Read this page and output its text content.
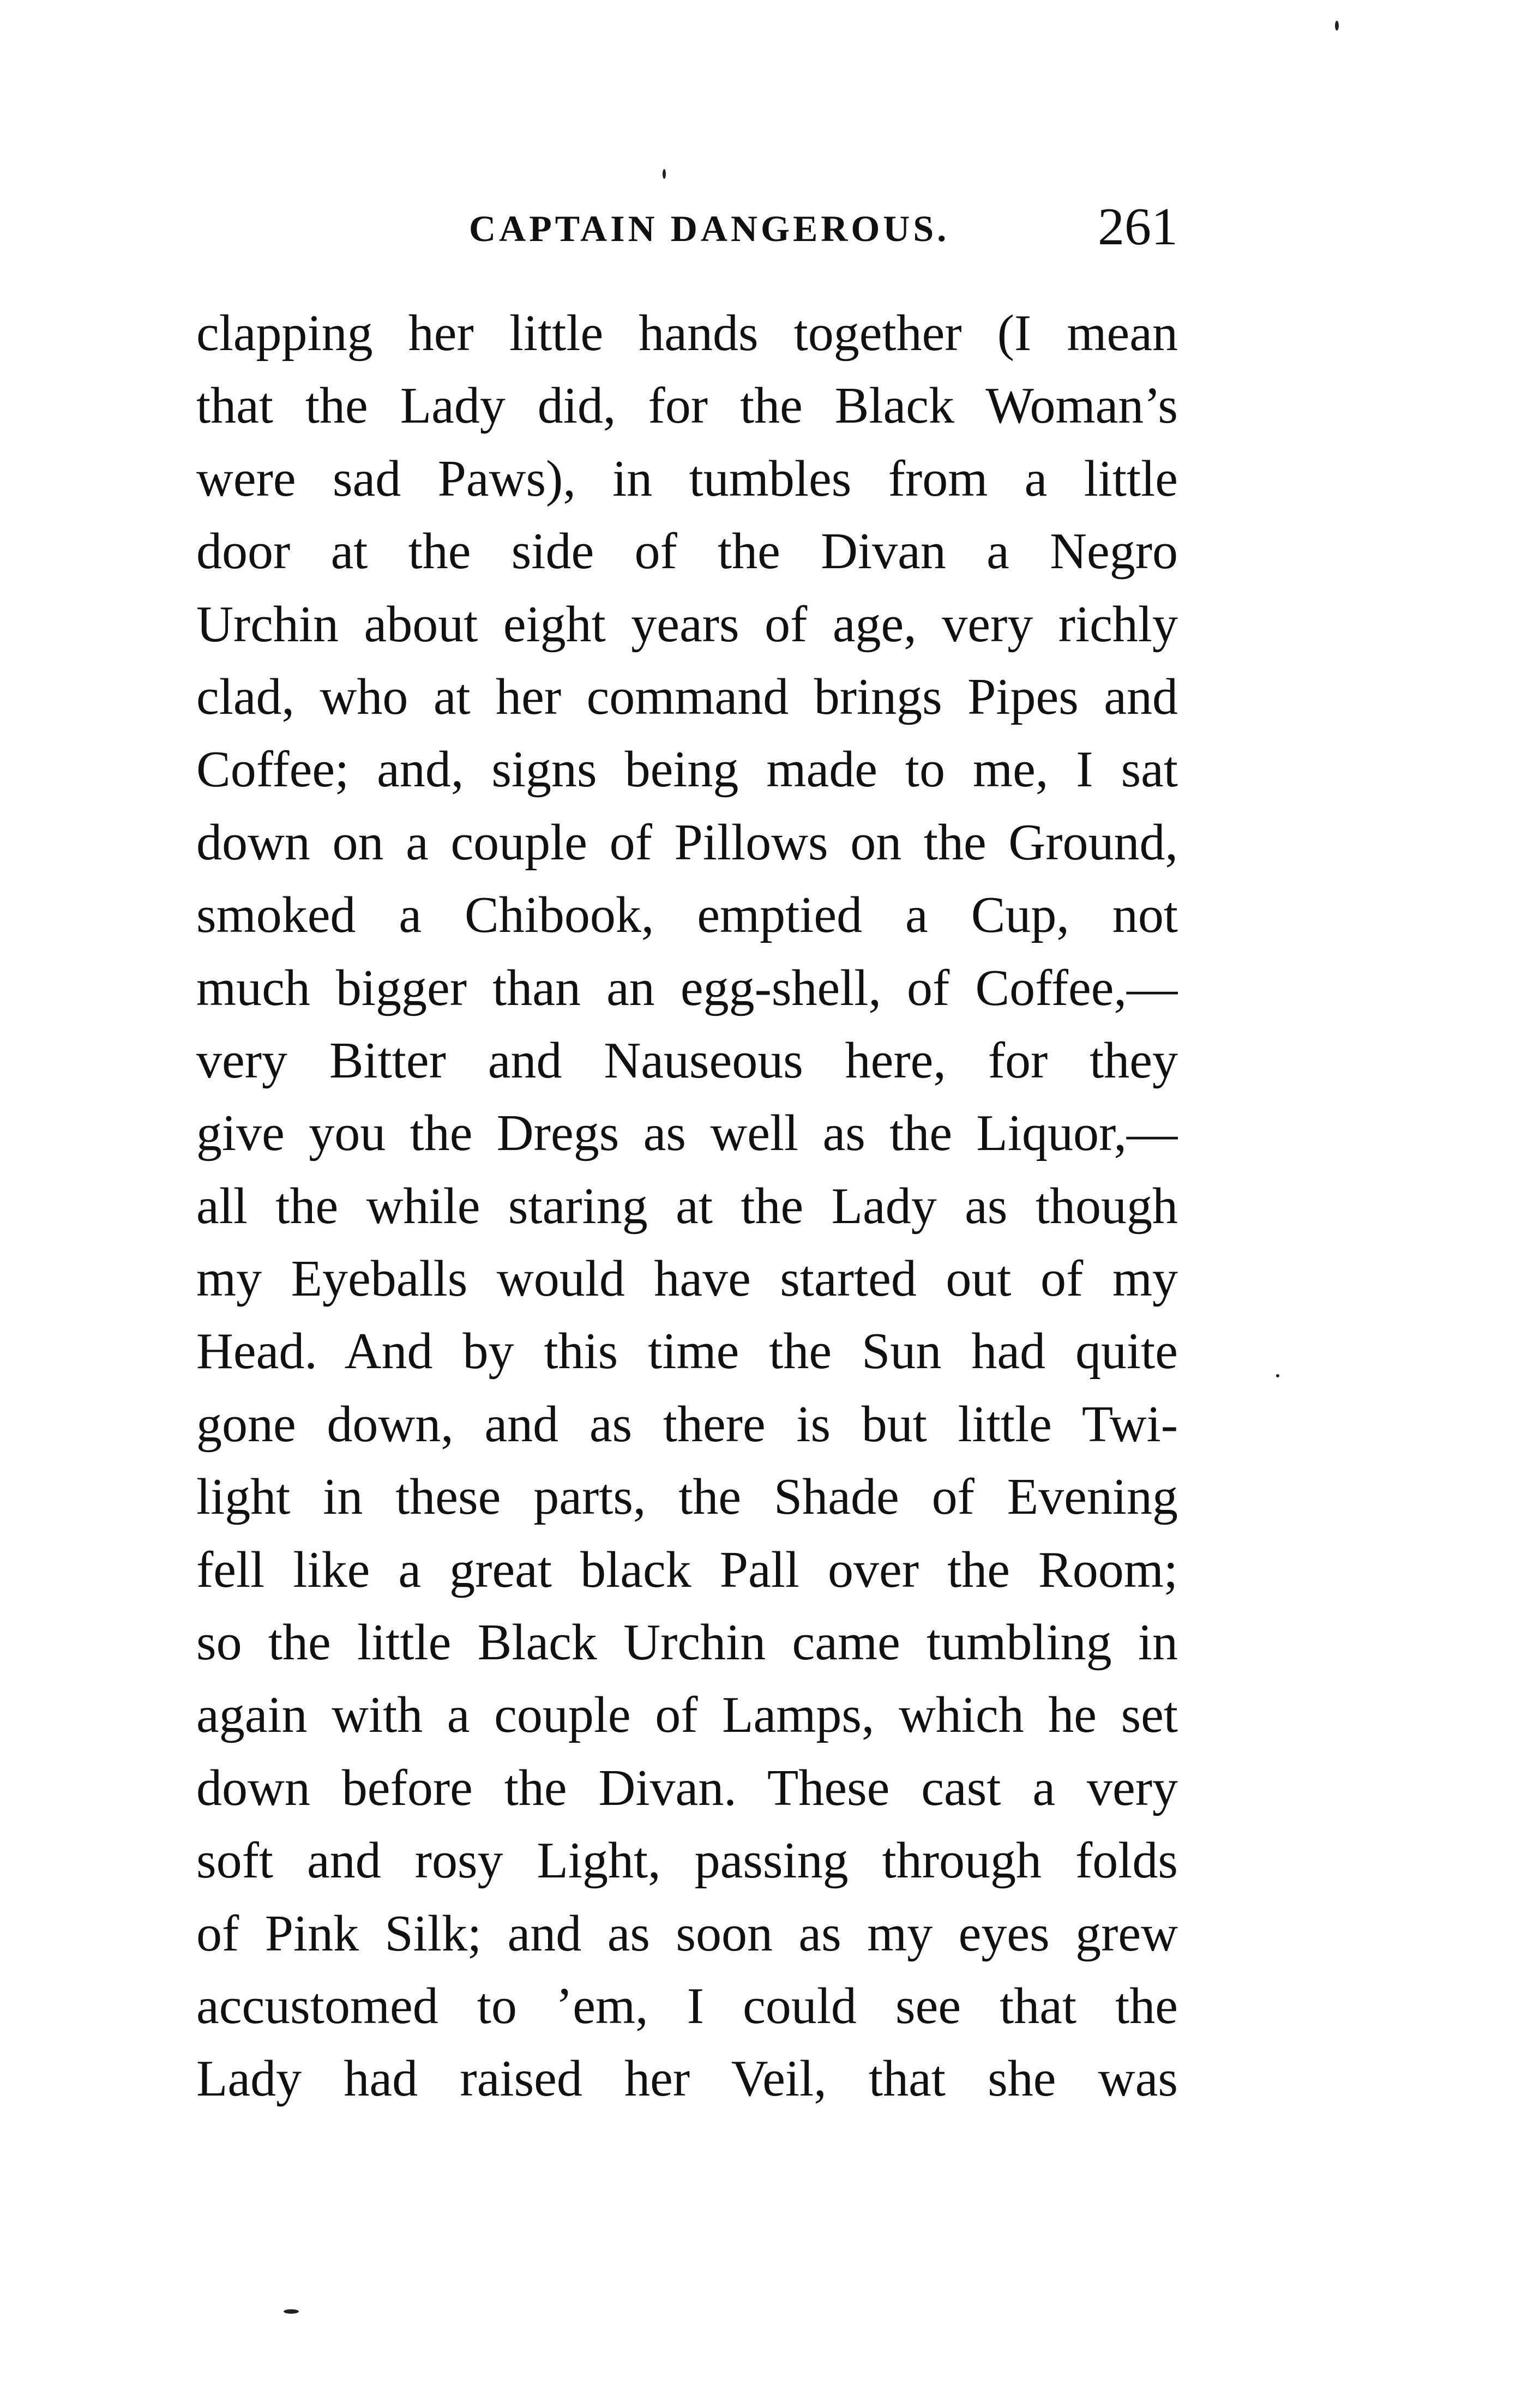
CAPTAIN DANGEROUS.	261
clapping her little hands together (I mean
that the Lady did, for the Black Woman’s
were sad Paws), in tumbles from a little
door at the side of the Divan a Negro
Urchin about eight years of age, very richly
clad, who at her command brings Pipes and
Coffee; and, signs being made to me, I sat
down on a couple of Pillows on the Ground,
smoked a Chibook, emptied a Cup, not
much bigger than an egg-shell, of Coffee,—
very Bitter and Nauseous here, for they
give you the Dregs as well as the Liquor,—
all the while staring at the Lady as though
my Eyeballs would have started out of my
Head. And by this time the Sun had quite
gone down, and as there is but little Twi-
light in these parts, the Shade of Evening
fell like a great black Pall over the Room;
so the little Black Urchin came tumbling in
again with a couple of Lamps, which he set
down before the Divan. These cast a very
soft and rosy Light, passing through folds
of Pink Silk; and as soon as my eyes grew
accustomed to ’em, I could see that the
Lady had raised her Veil, that she was
